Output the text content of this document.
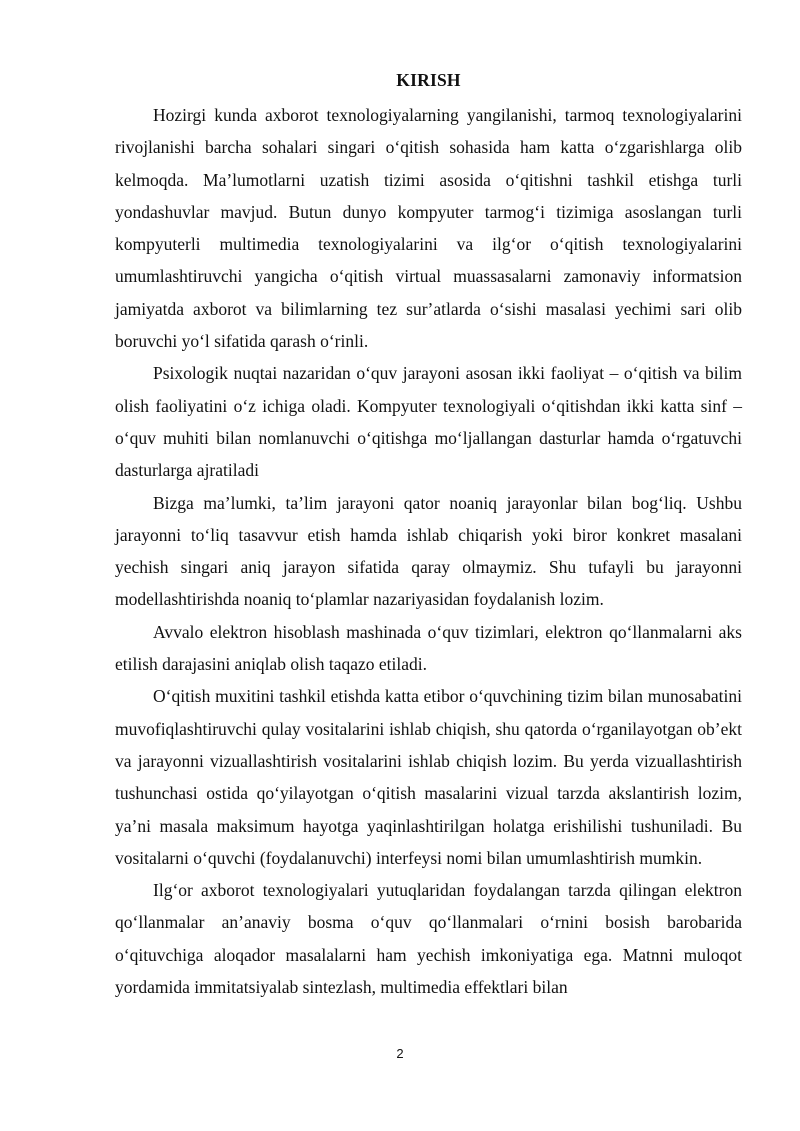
KIRISH

Hozirgi kunda axborot texnologiyalarning yangilanishi, tarmoq texnologiyalarini rivojlanishi barcha sohalari singari oʻqitish sohasida ham katta oʻzgarishlarga olib kelmoqda. Maʼlumotlarni uzatish tizimi asosida oʻqitishni tashkil etishga turli yondashuvlar mavjud. Butun dunyo kompyuter tarmogʻi tizimiga asoslangan turli kompyuterli multimedia texnologiyalarini va ilgʻor oʻqitish texnologiyalarini umumlashtiruvchi yangicha oʻqitish virtual muassasalarni zamonaviy informatsion jamiyatda axborot va bilimlarning tez surʼatlarda oʻsishi masalasi yechimi sari olib boruvchi yoʻl sifatida qarash oʻrinli.

Psixologik nuqtai nazaridan oʻquv jarayoni asosan ikki faoliyat – oʻqitish va bilim olish faoliyatini oʻz ichiga oladi. Kompyuter texnologiyali oʻqitishdan ikki katta sinf – oʻquv muhiti bilan nomlanuvchi oʻqitishga moʻljallangan dasturlar hamda oʻrgatuvchi dasturlarga ajratiladi

Bizga maʼlumki, taʼlim jarayoni qator noaniq jarayonlar bilan bogʻliq. Ushbu jarayonni toʻliq tasavvur etish hamda ishlab chiqarish yoki biror konkret masalani yechish singari aniq jarayon sifatida qaray olmaymiz. Shu tufayli bu jarayonni modellashtirishda noaniq toʻplamlar nazariyasidan foydalanish lozim.

Avvalo elektron hisoblash mashinada oʻquv tizimlari, elektron qoʻllanmalarni aks etilish darajasini aniqlab olish taqazo etiladi.

Oʻqitish muxitini tashkil etishda katta etibor oʻquvchining tizim bilan munosabatini muvofiqlashtiruvchi qulay vositalarini ishlab chiqish, shu qatorda oʻrganilayotgan obʼekt va jarayonni vizuallashtirish vositalarini ishlab chiqish lozim. Bu yerda vizuallashtirish tushunchasi ostida qoʻyilayotgan oʻqitish masalarini vizual tarzda akslantirish lozim, yaʼni masala maksimum hayotga yaqinlashtirilgan holatga erishilishi tushuniladi. Bu vositalarni oʻquvchi (foydalanuvchi) interfeysi nomi bilan umumlashtirish mumkin.

Ilgʻor axborot texnologiyalari yutuqlaridan foydalangan tarzda qilingan elektron qoʻllanmalar anʼanaviy bosma oʻquv qoʻllanmalari oʻrnini bosish barobarida oʻqituvchiga aloqador masalalarni ham yechish imkoniyatiga ega. Matnni muloqot yordamida immitatsiyalab sintezlash, multimedia effektlari bilan

2
